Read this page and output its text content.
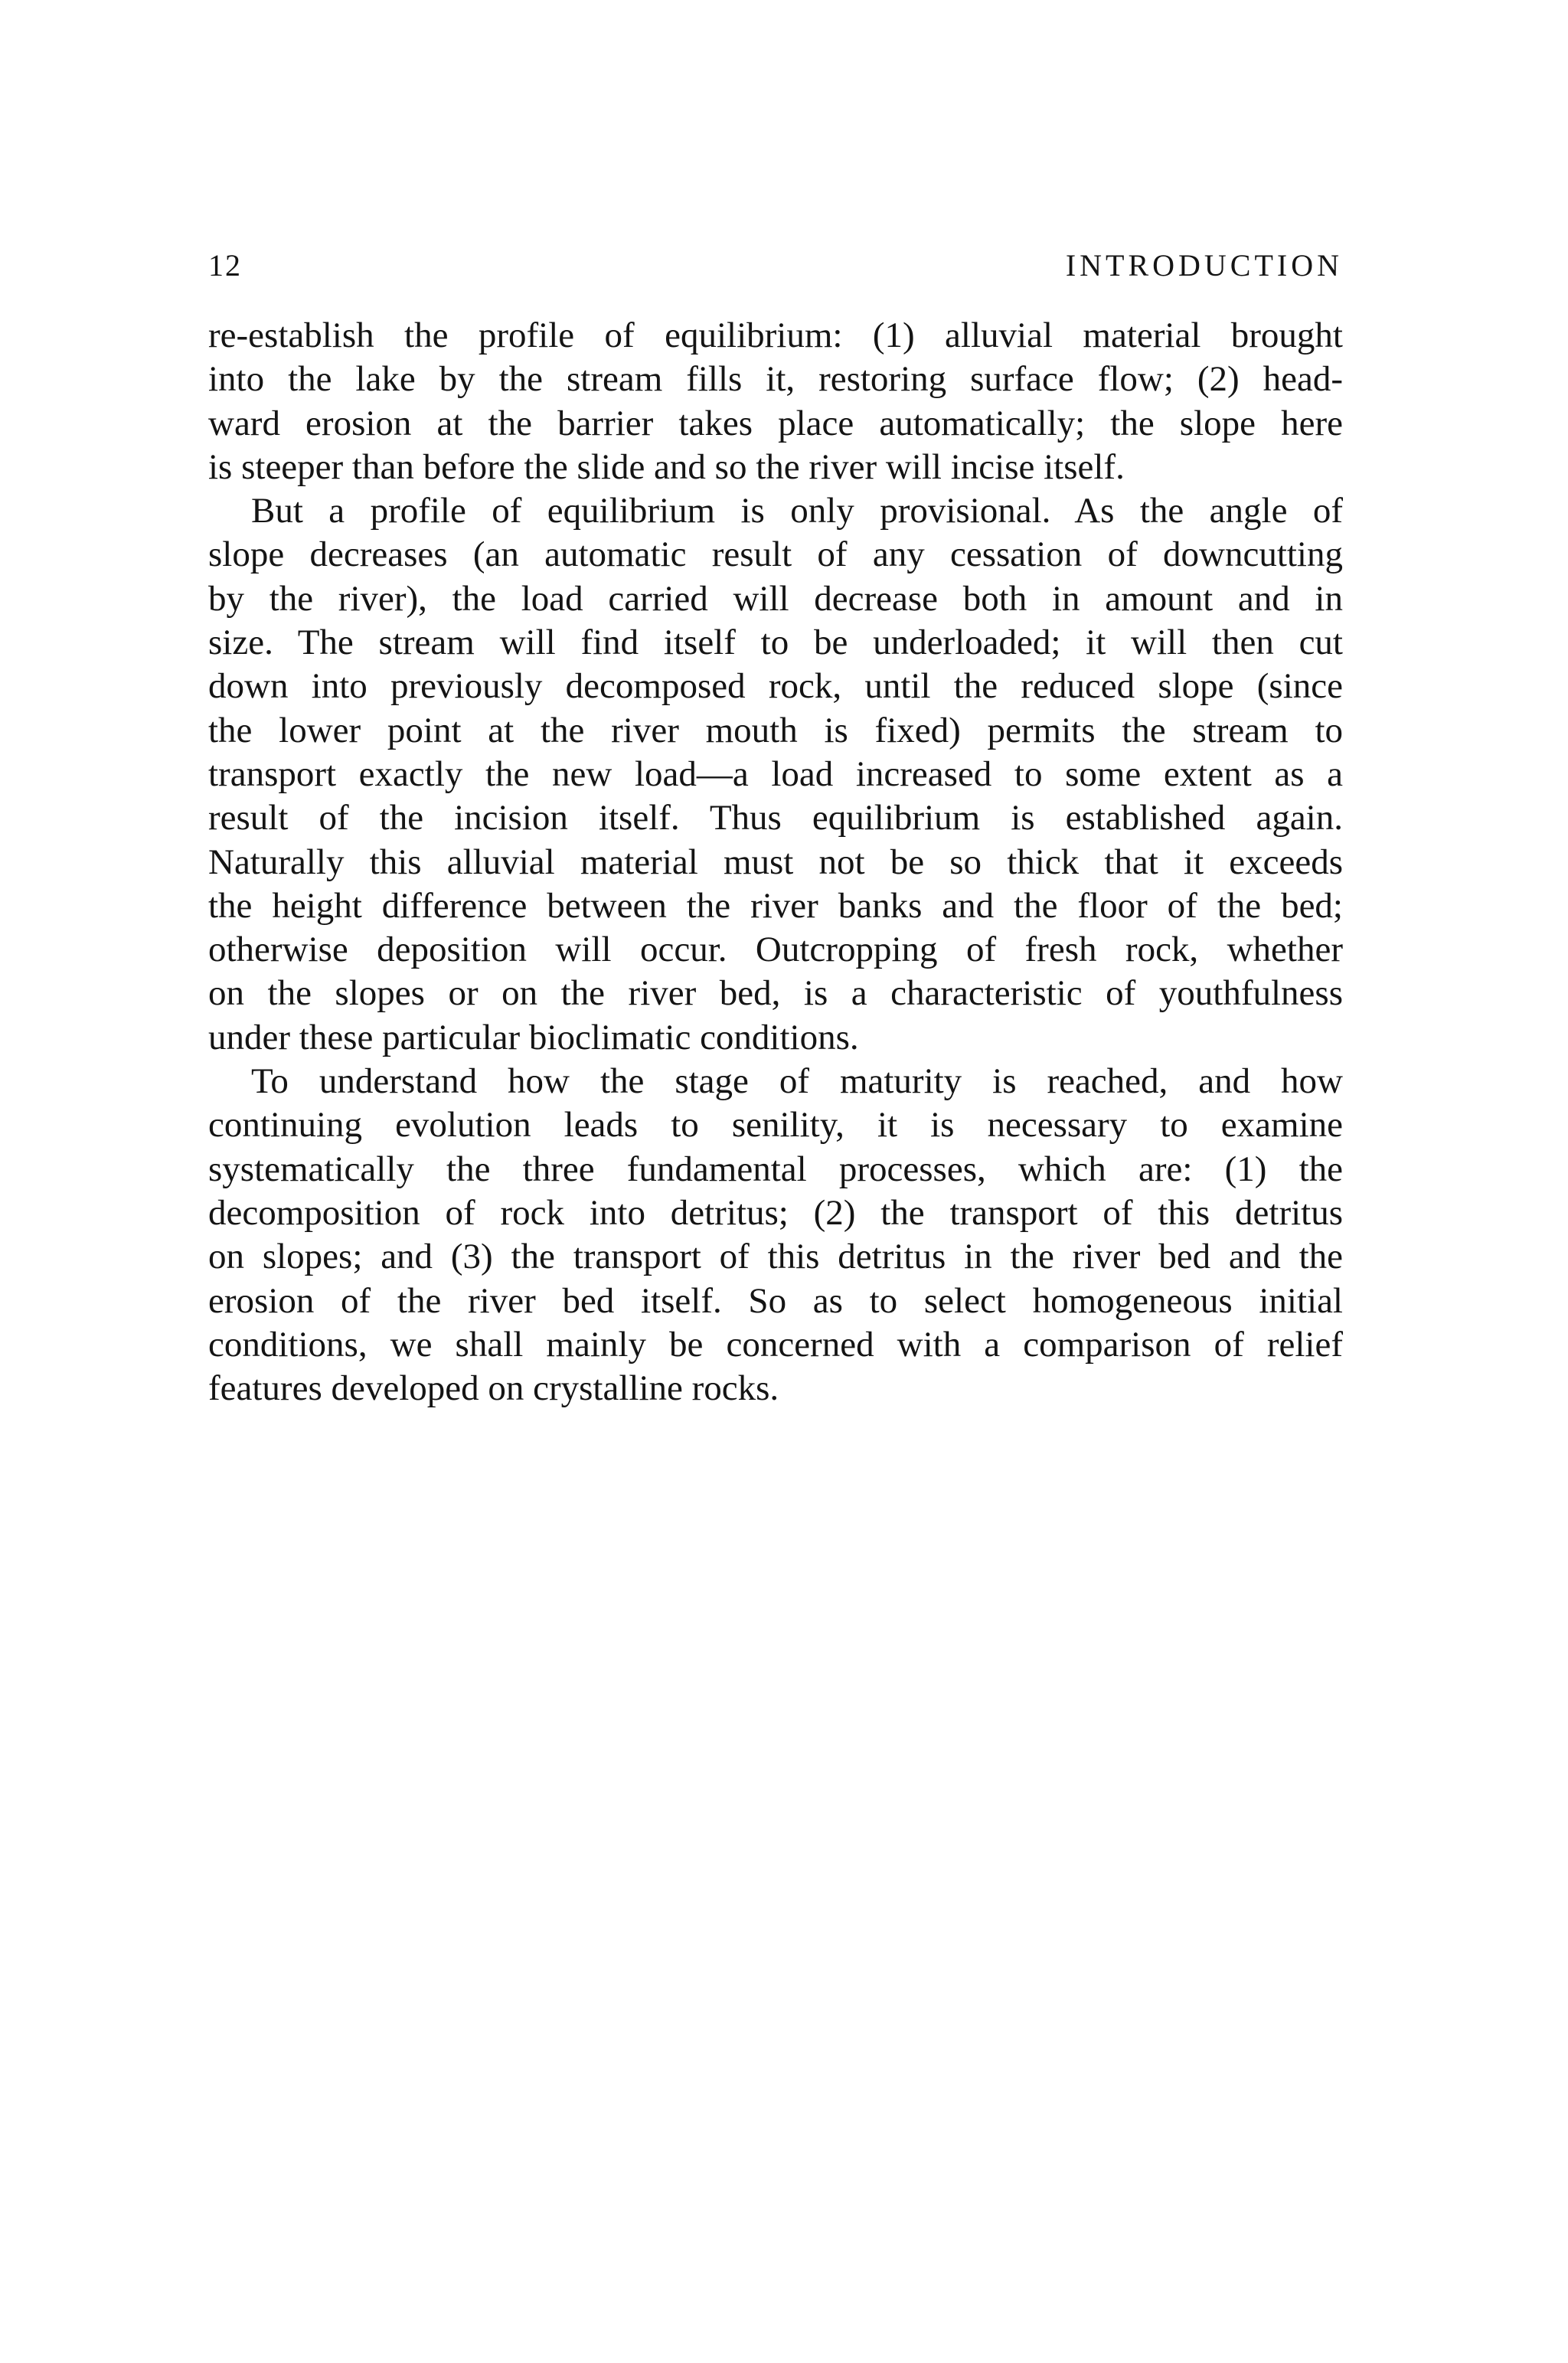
12	INTRODUCTION
re-establish the profile of equilibrium: (1) alluvial material brought
into the lake by the stream fills it, restoring surface flow; (2) head-
ward erosion at the barrier takes place automatically; the slope here
is steeper than before the slide and so the river will incise itself.
But a profile of equilibrium is only provisional. As the angle of
slope decreases (an automatic result of any cessation of downcutting
by the river), the load carried will decrease both in amount and in
size. The stream will find itself to be underloaded; it will then cut
down into previously decomposed rock, until the reduced slope (since
the lower point at the river mouth is fixed) permits the stream to
transport exactly the new load—a load increased to some extent as a
result of the incision itself. Thus equilibrium is established again.
Naturally this alluvial material must not be so thick that it exceeds
the height difference between the river banks and the floor of the bed;
otherwise deposition will occur. Outcropping of fresh rock, whether
on the slopes or on the river bed, is a characteristic of youthfulness
under these particular bioclimatic conditions.
To understand how the stage of maturity is reached, and how
continuing evolution leads to senility, it is necessary to examine
systematically the three fundamental processes, which are: (1) the
decomposition of rock into detritus; (2) the transport of this detritus
on slopes; and (3) the transport of this detritus in the river bed and the
erosion of the river bed itself. So as to select homogeneous initial
conditions, we shall mainly be concerned with a comparison of relief
features developed on crystalline rocks.
